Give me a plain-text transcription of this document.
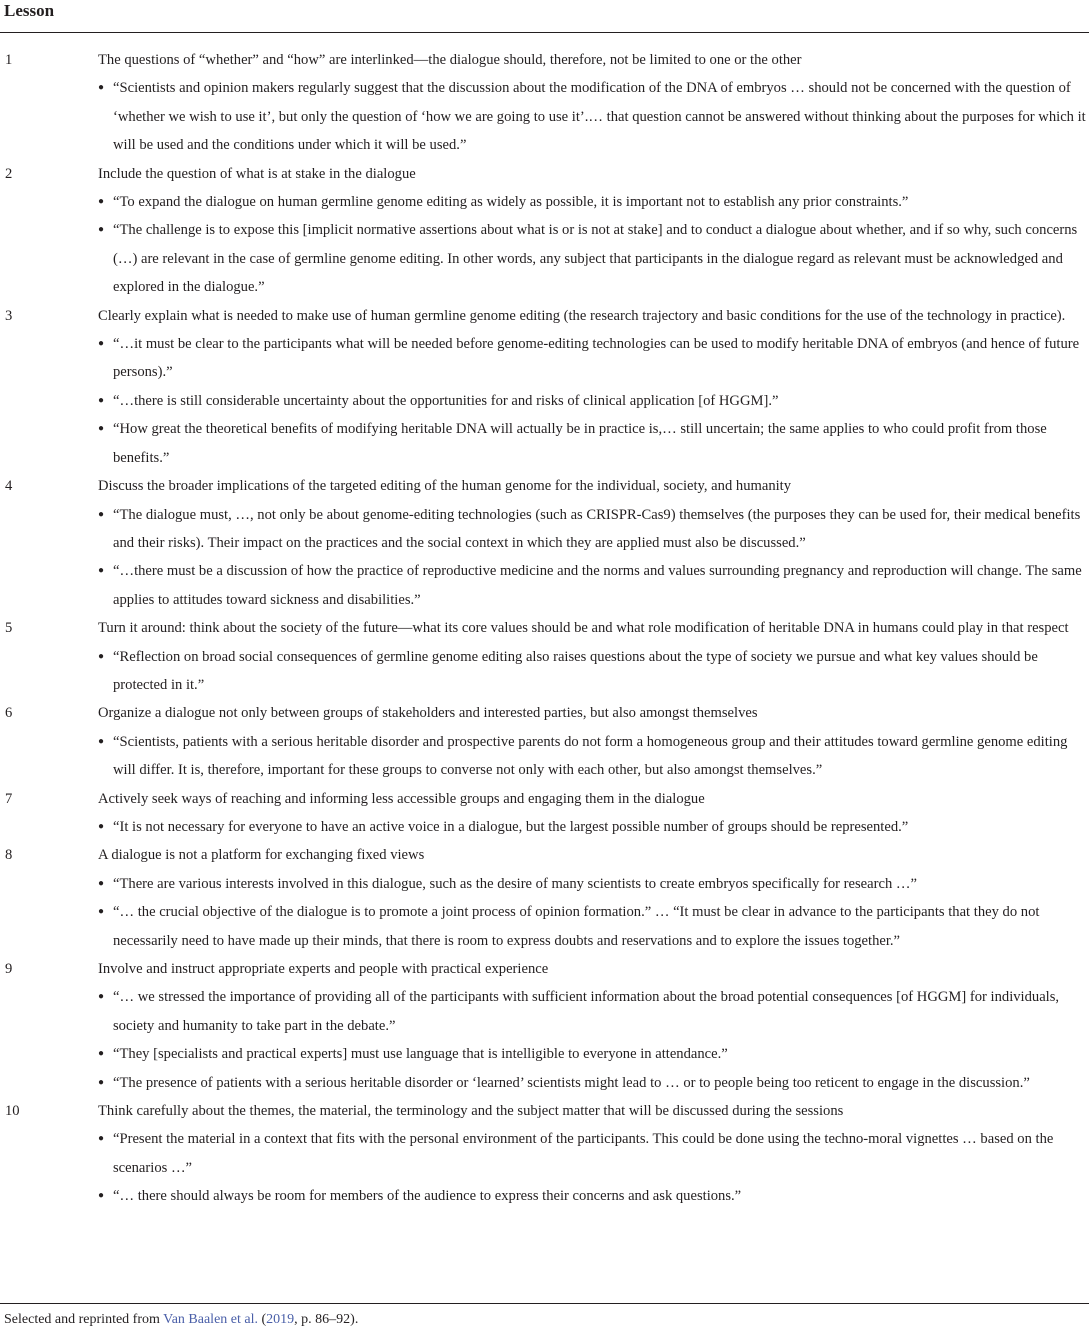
Lesson
1	The questions of “whether” and “how” are interlinked—the dialogue should, therefore, not be limited to one or the other
● “Scientists and opinion makers regularly suggest that the discussion about the modification of the DNA of embryos … should not be concerned with the question of ‘whether we wish to use it’, but only the question of ‘how we are going to use it’.… that question cannot be answered without thinking about the purposes for which it will be used and the conditions under which it will be used.”
2	Include the question of what is at stake in the dialogue
● “To expand the dialogue on human germline genome editing as widely as possible, it is important not to establish any prior constraints.”
● “The challenge is to expose this [implicit normative assertions about what is or is not at stake] and to conduct a dialogue about whether, and if so why, such concerns (…) are relevant in the case of germline genome editing. In other words, any subject that participants in the dialogue regard as relevant must be acknowledged and explored in the dialogue.”
3	Clearly explain what is needed to make use of human germline genome editing (the research trajectory and basic conditions for the use of the technology in practice).
● “…it must be clear to the participants what will be needed before genome-editing technologies can be used to modify heritable DNA of embryos (and hence of future persons).”
● “…there is still considerable uncertainty about the opportunities for and risks of clinical application [of HGGM].”
● “How great the theoretical benefits of modifying heritable DNA will actually be in practice is,… still uncertain; the same applies to who could profit from those benefits.”
4	Discuss the broader implications of the targeted editing of the human genome for the individual, society, and humanity
● “The dialogue must, …, not only be about genome-editing technologies (such as CRISPR-Cas9) themselves (the purposes they can be used for, their medical benefits and their risks). Their impact on the practices and the social context in which they are applied must also be discussed.”
● “…there must be a discussion of how the practice of reproductive medicine and the norms and values surrounding pregnancy and reproduction will change. The same applies to attitudes toward sickness and disabilities.”
5	Turn it around: think about the society of the future—what its core values should be and what role modification of heritable DNA in humans could play in that respect
● “Reflection on broad social consequences of germline genome editing also raises questions about the type of society we pursue and what key values should be protected in it.”
6	Organize a dialogue not only between groups of stakeholders and interested parties, but also amongst themselves
● “Scientists, patients with a serious heritable disorder and prospective parents do not form a homogeneous group and their attitudes toward germline genome editing will differ. It is, therefore, important for these groups to converse not only with each other, but also amongst themselves.”
7	Actively seek ways of reaching and informing less accessible groups and engaging them in the dialogue
● “It is not necessary for everyone to have an active voice in a dialogue, but the largest possible number of groups should be represented.”
8	A dialogue is not a platform for exchanging fixed views
● “There are various interests involved in this dialogue, such as the desire of many scientists to create embryos specifically for research …”
● “… the crucial objective of the dialogue is to promote a joint process of opinion formation.” … “It must be clear in advance to the participants that they do not necessarily need to have made up their minds, that there is room to express doubts and reservations and to explore the issues together.”
9	Involve and instruct appropriate experts and people with practical experience
● “… we stressed the importance of providing all of the participants with sufficient information about the broad potential consequences [of HGGM] for individuals, society and humanity to take part in the debate.”
● “They [specialists and practical experts] must use language that is intelligible to everyone in attendance.”
● “The presence of patients with a serious heritable disorder or ‘learned’ scientists might lead to … or to people being too reticent to engage in the discussion.”
10	Think carefully about the themes, the material, the terminology and the subject matter that will be discussed during the sessions
● “Present the material in a context that fits with the personal environment of the participants. This could be done using the techno-moral vignettes … based on the scenarios …”
● “… there should always be room for members of the audience to express their concerns and ask questions.”
Selected and reprinted from Van Baalen et al. (2019, p. 86–92).
